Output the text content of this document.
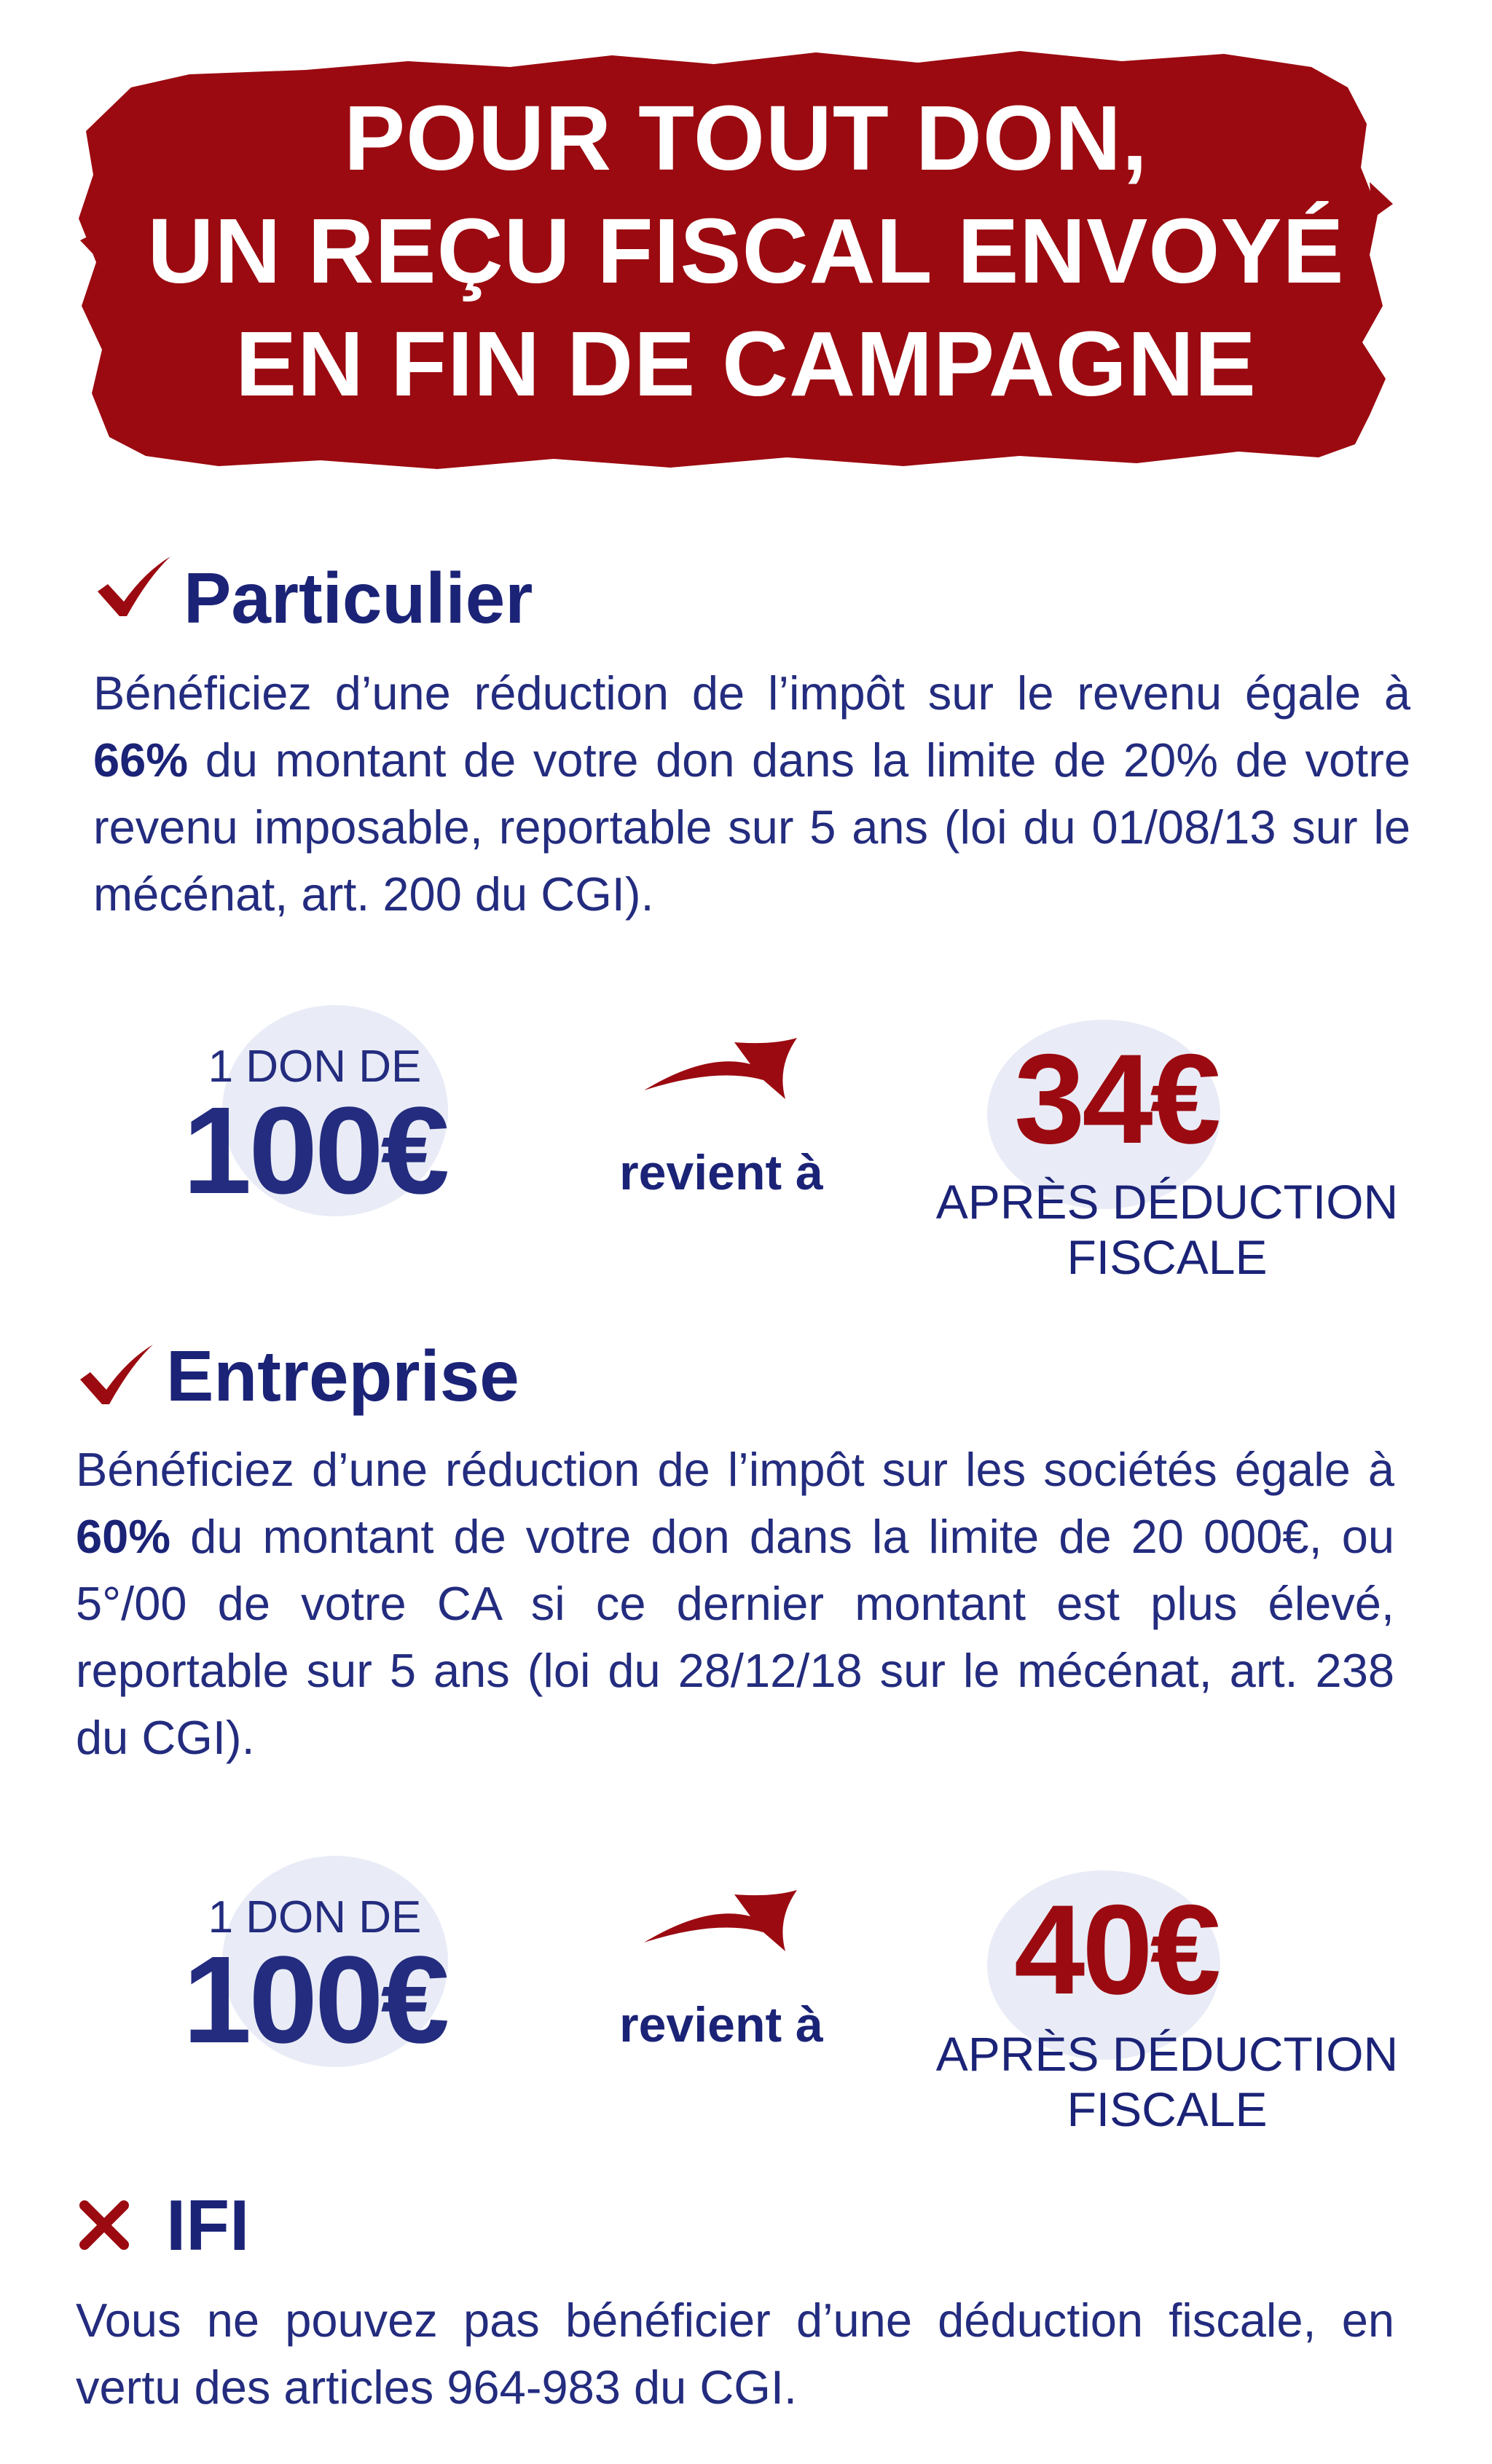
POUR TOUT DON,
UN REÇU FISCAL ENVOYÉ
EN FIN DE CAMPAGNE
Particulier

Bénéficiez d’une réduction de l’impôt sur le revenu égale à 66% du montant de votre don dans la limite de 20% de votre revenu imposable, reportable sur 5 ans (loi du 01/08/13 sur le mécénat, art. 200 du CGI).

1 DON DE
100€	revient à
34€
APRÈS DÉDUCTION
FISCALE
Entreprise

Bénéficiez d’une réduction de l’impôt sur les sociétés égale à 60% du montant de votre don dans la limite de 20 000€, ou 5°/00 de votre CA si ce dernier montant est plus élevé, reportable sur 5 ans (loi du 28/12/18 sur le mécénat, art. 238 du CGI).

1 DON DE
100€	revient à
40€
APRÈS DÉDUCTION
FISCALE
IFI

Vous ne pouvez pas bénéficier d’une déduction fiscale, en vertu des articles 964-983 du CGI.
